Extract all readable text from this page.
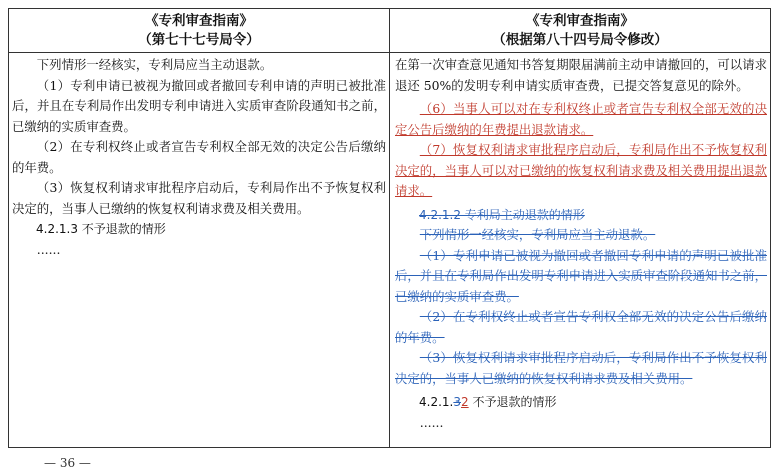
《专利审查指南》
（第七十七号局令）
《专利审查指南》
（根据第八十四号局令修改）

下列情形一经核实，专利局应当主动退款。

（1）专利申请已被视为撤回或者撤回专利申请的声明已被批准后，并且在专利局作出发明专利申请进入实质审查阶段通知书之前，已缴纳的实质审查费。

（2）在专利权终止或者宣告专利权全部无效的决定公告后缴纳的年费。

（3）恢复权利请求审批程序启动后，专利局作出不予恢复权利决定的，当事人已缴纳的恢复权利请求费及相关费用。

4.2.1.3 不予退款的情形

......

在第一次审查意见通知书答复期限届满前主动申请撤回的，可以请求退还 50%的发明专利申请实质审查费，已提交答复意见的除外。

（6）当事人可以对在专利权终止或者宣告专利权全部无效的决定公告后缴纳的年费提出退款请求。

（7）恢复权利请求审批程序启动后，专利局作出不予恢复权利决定的，当事人可以对已缴纳的恢复权利请求费及相关费用提出退款请求。

4.2.1.2 专利局主动退款的情形

下列情形一经核实，专利局应当主动退款。

（1）专利申请已被视为撤回或者撤回专利申请的声明已被批准后，并且在专利局作出发明专利申请进入实质审查阶段通知书之前，已缴纳的实质审查费。

（2）在专利权终止或者宣告专利权全部无效的决定公告后缴纳的年费。

（3）恢复权利请求审批程序启动后，专利局作出不予恢复权利决定的，当事人已缴纳的恢复权利请求费及相关费用。

4.2.1.32 不予退款的情形

......

— 36 —
